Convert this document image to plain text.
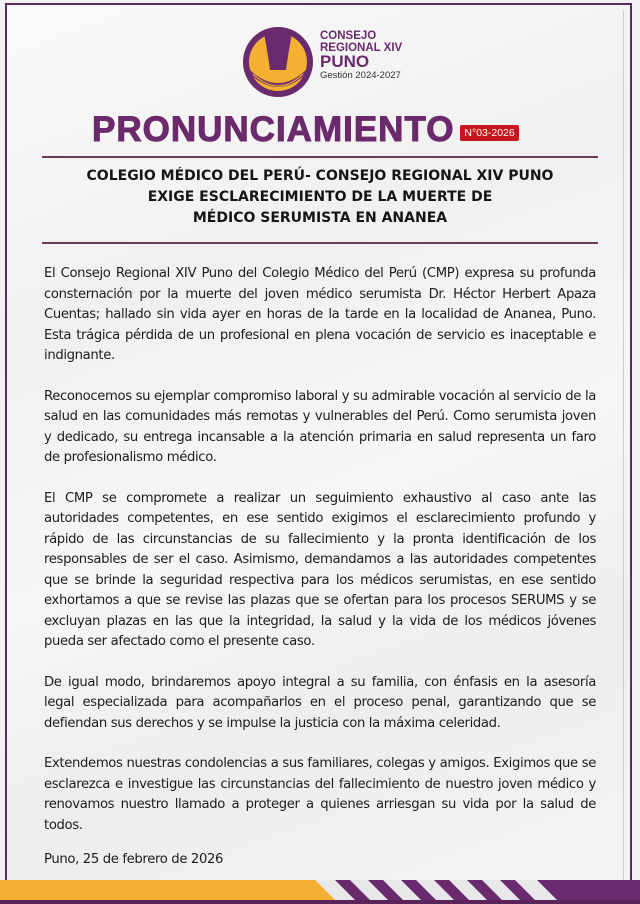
CONSEJO
REGIONAL XIV
PUNO
Gestión 2024-2027
PRONUNCIAMIENTO N°03-2026
COLEGIO MÉDICO DEL PERÚ- CONSEJO REGIONAL XIV PUNO
EXIGE ESCLARECIMIENTO DE LA MUERTE DE
MÉDICO SERUMISTA EN ANANEA

El Consejo Regional XIV Puno del Colegio Médico del Perú (CMP) expresa su profunda consternación por la muerte del joven médico serumista Dr. Héctor Herbert Apaza Cuentas; hallado sin vida ayer en horas de la tarde en la localidad de Ananea, Puno. Esta trágica pérdida de un profesional en plena vocación de servicio es inaceptable e indignante.

Reconocemos su ejemplar compromiso laboral y su admirable vocación al servicio de la salud en las comunidades más remotas y vulnerables del Perú. Como serumista joven y dedicado, su entrega incansable a la atención primaria en salud representa un faro de profesionalismo médico.

El CMP se compromete a realizar un seguimiento exhaustivo al caso ante las autoridades competentes, en ese sentido exigimos el esclarecimiento profundo y rápido de las circunstancias de su fallecimiento y la pronta identificación de los responsables de ser el caso. Asimismo, demandamos a las autoridades competentes que se brinde la seguridad respectiva para los médicos serumistas, en ese sentido exhortamos a que se revise las plazas que se ofertan para los procesos SERUMS y se excluyan plazas en las que la integridad, la salud y la vida de los médicos jóvenes pueda ser afectado como el presente caso.

De igual modo, brindaremos apoyo integral a su familia, con énfasis en la asesoría legal especializada para acompañarlos en el proceso penal, garantizando que se defiendan sus derechos y se impulse la justicia con la máxima celeridad.

Extendemos nuestras condolencias a sus familiares, colegas y amigos. Exigimos que se esclarezca e investigue las circunstancias del fallecimiento de nuestro joven médico y renovamos nuestro llamado a proteger a quienes arriesgan su vida por la salud de todos.

Puno, 25 de febrero de 2026
